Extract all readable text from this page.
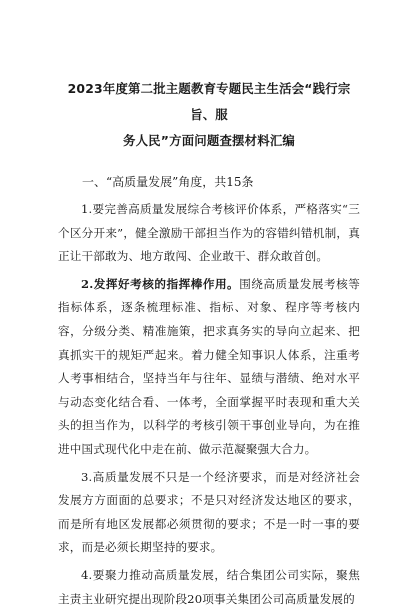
2023年度第二批主题教育专题民主生活会“践行宗旨、服
务人民”方面问题查摆材料汇编
一、“高质量发展”角度，共15条

1.要完善高质量发展综合考核评价体系，严格落实“三个区分开来”，健全激励干部担当作为的容错纠错机制，真正让干部敢为、地方敢闯、企业敢干、群众敢首创。

2.发挥好考核的指挥棒作用。围绕高质量发展考核等指标体系，逐条梳理标准、指标、对象、程序等考核内容，分级分类、精准施策，把求真务实的导向立起来、把真抓实干的规矩严起来。着力健全知事识人体系，注重考人考事相结合，坚持当年与往年、显绩与潜绩、绝对水平与动态变化结合看、一体考，全面掌握平时表现和重大关头的担当作为，以科学的考核引领干事创业导向，为在推进中国式现代化中走在前、做示范凝聚强大合力。

3.高质量发展不只是一个经济要求，而是对经济社会发展方方面面的总要求；不是只对经济发达地区的要求，而是所有地区发展都必须贯彻的要求；不是一时一事的要求，而是必须长期坚持的要求。

4.要聚力推动高质量发展，结合集团公司实际，聚焦主责主业研究提出现阶段20项事关集团公司高质量发展的
